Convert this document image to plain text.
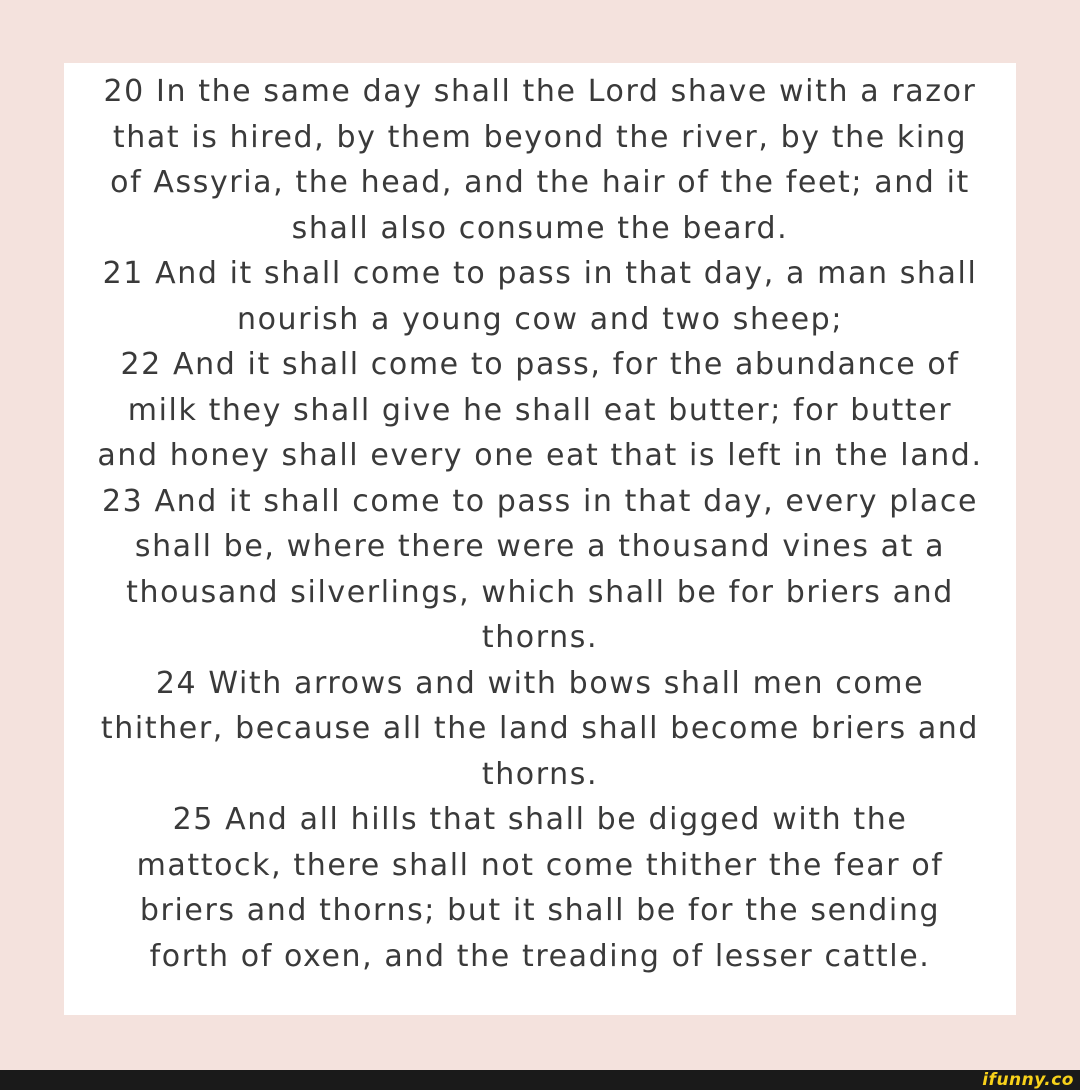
20 In the same day shall the Lord shave with a razor
that is hired, by them beyond the river, by the king
of Assyria, the head, and the hair of the feet; and it
shall also consume the beard.
21 And it shall come to pass in that day, a man shall
nourish a young cow and two sheep;
22 And it shall come to pass, for the abundance of
milk they shall give he shall eat butter; for butter
and honey shall every one eat that is left in the land.
23 And it shall come to pass in that day, every place
shall be, where there were a thousand vines at a
thousand silverlings, which shall be for briers and
thorns.
24 With arrows and with bows shall men come
thither, because all the land shall become briers and
thorns.
25 And all hills that shall be digged with the
mattock, there shall not come thither the fear of
briers and thorns; but it shall be for the sending
forth of oxen, and the treading of lesser cattle.

ifunny.co
